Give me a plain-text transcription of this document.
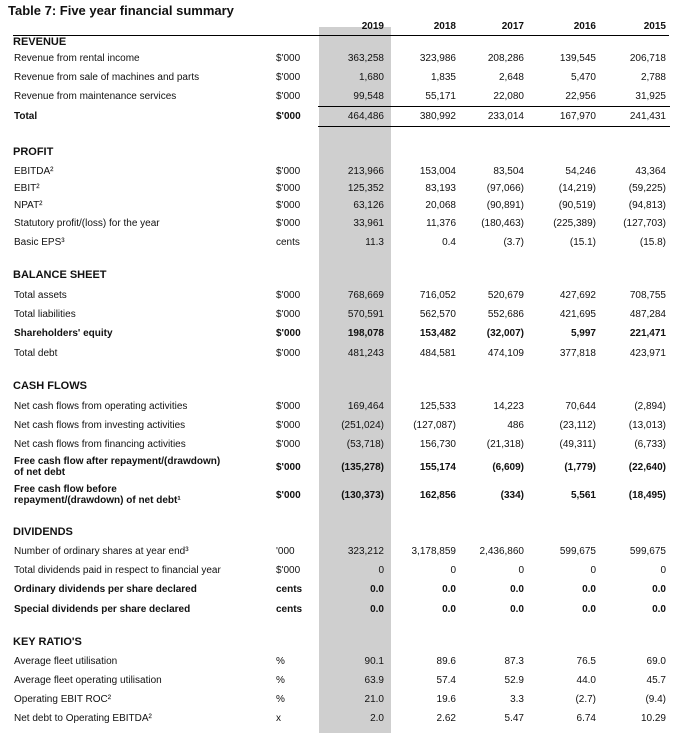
Table 7: Five year financial summary
2019	2018	2017	2016	2015
REVENUE
Revenue from rental income	$'000	363,258	323,986	208,286	139,545	206,718
Revenue from sale of machines and parts	$'000	1,680	1,835	2,648	5,470	2,788
Revenue from maintenance services	$'000	99,548	55,171	22,080	22,956	31,925
Total	$'000	464,486	380,992	233,014	167,970	241,431
PROFIT
EBITDA²	$'000	213,966	153,004	83,504	54,246	43,364
EBIT²	$'000	125,352	83,193	(97,066)	(14,219)	(59,225)
NPAT²	$'000	63,126	20,068	(90,891)	(90,519)	(94,813)
Statutory profit/(loss) for the year	$'000	33,961	11,376	(180,463)	(225,389)	(127,703)
Basic EPS³	cents	11.3	0.4	(3.7)	(15.1)	(15.8)
BALANCE SHEET
Total assets	$'000	768,669	716,052	520,679	427,692	708,755
Total liabilities	$'000	570,591	562,570	552,686	421,695	487,284
Shareholders' equity	$'000	198,078	153,482	(32,007)	5,997	221,471
Total debt	$'000	481,243	484,581	474,109	377,818	423,971
CASH FLOWS
Net cash flows from operating activities	$'000	169,464	125,533	14,223	70,644	(2,894)
Net cash flows from investing activities	$'000	(251,024)	(127,087)	486	(23,112)	(13,013)
Net cash flows from financing activities	$'000	(53,718)	156,730	(21,318)	(49,311)	(6,733)
Free cash flow after repayment/(drawdown)
of net debt	$'000	(135,278)	155,174	(6,609)	(1,779)	(22,640)
Free cash flow before
repayment/(drawdown) of net debt¹	$'000	(130,373)	162,856	(334)	5,561	(18,495)
DIVIDENDS
Number of ordinary shares at year end³	'000	323,212	3,178,859	2,436,860	599,675	599,675
Total dividends paid in respect to financial year	$'000	0	0	0	0	0
Ordinary dividends per share declared	cents	0.0	0.0	0.0	0.0	0.0
Special dividends per share declared	cents	0.0	0.0	0.0	0.0	0.0
KEY RATIO'S
Average fleet utilisation	%	90.1	89.6	87.3	76.5	69.0
Average fleet operating utilisation	%	63.9	57.4	52.9	44.0	45.7
Operating EBIT ROC²	%	21.0	19.6	3.3	(2.7)	(9.4)
Net debt to Operating EBITDA²	x	2.0	2.62	5.47	6.74	10.29
